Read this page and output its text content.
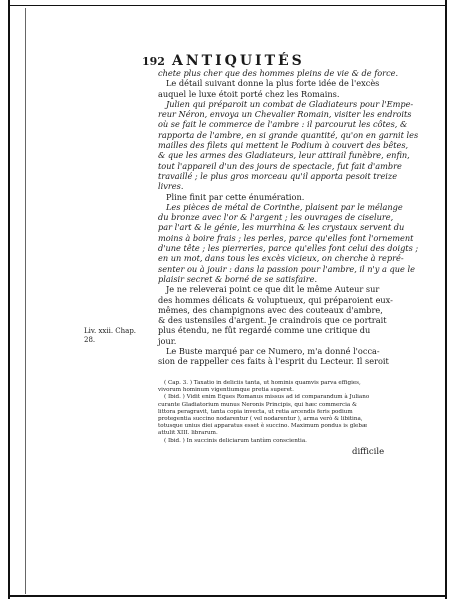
192 ANTIQUITÉS
chete plus cher que des hommes pleins de vie & de force.
Le détail suivant donne la plus forte idée de l'excès
auquel le luxe étoit porté chez les Romains.
Julien qui préparoit un combat de Gladiateurs pour l'Empe-
reur Néron, envoya un Chevalier Romain, visiter les endroits
où se fait le commerce de l'ambre : il parcourut les côtes, &
rapporta de l'ambre, en si grande quantité, qu'on en garnit les
mailles des filets qui mettent le Podium à couvert des bêtes,
& que les armes des Gladiateurs, leur attirail funèbre, enfin,
tout l'appareil d'un des jours de spectacle, fut fait d'ambre
travaillé ; le plus gros morceau qu'il apporta pesoit treize
livres.
Pline finit par cette énumération.
Les pièces de métal de Corinthe, plaisent par le mélange
du bronze avec l'or & l'argent ; les ouvrages de ciselure,
par l'art & le génie, les murrhina & les crystaux servent du
moins à boire frais ; les perles, parce qu'elles font l'ornement
d'une tête ; les pierreries, parce qu'elles font celui des doigts ;
en un mot, dans tous les excès vicieux, on cherche à repré-
senter ou à jouir : dans la passion pour l'ambre, il n'y a que le
plaisir secret & borné de se satisfaire.
Je ne releverai point ce que dit le même Auteur sur
des hommes délicats & voluptueux, qui préparoient eux-
mêmes, des champignons avec des couteaux d'ambre,
& des ustensiles d'argent. Je craindrois que ce portrait
plus étendu, ne fût regardé comme une critique du
jour.
Le Buste marqué par ce Numero, m'a donné l'occa-
sion de rappeller ces faits à l'esprit du Lecteur. Il seroit
Liv. xxii. Chap.
28.
( Cap. 3. ) Taxatio in deliciis tanta, ut hominis quamvis parva effigies,
vivorum hominum vigentiumque pretia superet.
( Ibid. ) Vidit enim Eques Romanus missus ad id comparandum à Juliano
curante Gladiatorium munus Neronis Principis, qui hæc commercia &
littora peragravit, tanta copia invecta, ut retia arcendis feris podium
protegentia succino nodarentur ( vel nodarentur ), arma verò & libitina,
totusque unius diei apparatus esset è succino. Maximum pondus is glebæ
attulit XIII. librarum.
( Ibid. ) In succinis deliciarum tantùm conscientia.
difficile
